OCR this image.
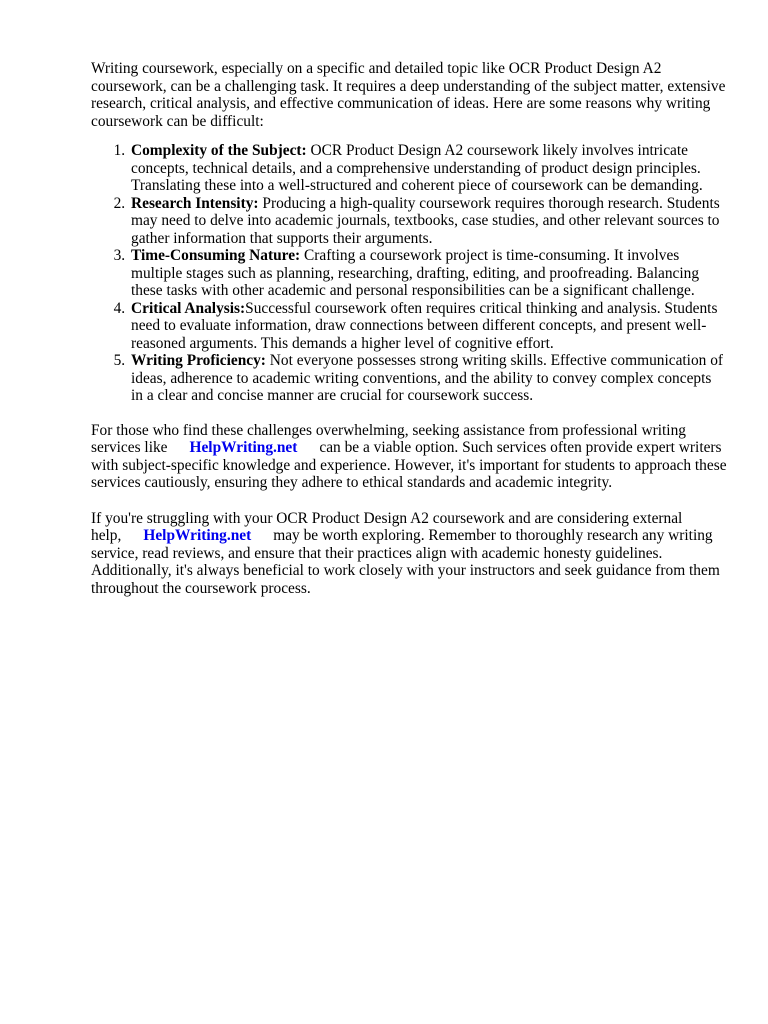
Writing coursework, especially on a specific and detailed topic like OCR Product Design A2 coursework, can be a challenging task. It requires a deep understanding of the subject matter, extensive research, critical analysis, and effective communication of ideas. Here are some reasons why writing coursework can be difficult:

1. Complexity of the Subject: OCR Product Design A2 coursework likely involves intricate concepts, technical details, and a comprehensive understanding of product design principles. Translating these into a well-structured and coherent piece of coursework can be demanding.
2. Research Intensity: Producing a high-quality coursework requires thorough research. Students may need to delve into academic journals, textbooks, case studies, and other relevant sources to gather information that supports their arguments.
3. Time-Consuming Nature: Crafting a coursework project is time-consuming. It involves multiple stages such as planning, researching, drafting, editing, and proofreading. Balancing these tasks with other academic and personal responsibilities can be a significant challenge.
4. Critical Analysis:Successful coursework often requires critical thinking and analysis. Students need to evaluate information, draw connections between different concepts, and present well-reasoned arguments. This demands a higher level of cognitive effort.
5. Writing Proficiency: Not everyone possesses strong writing skills. Effective communication of ideas, adherence to academic writing conventions, and the ability to convey complex concepts in a clear and concise manner are crucial for coursework success.

For those who find these challenges overwhelming, seeking assistance from professional writing services like HelpWriting.net can be a viable option. Such services often provide expert writers with subject-specific knowledge and experience. However, it's important for students to approach these services cautiously, ensuring they adhere to ethical standards and academic integrity.

If you're struggling with your OCR Product Design A2 coursework and are considering external help, HelpWriting.net may be worth exploring. Remember to thoroughly research any writing service, read reviews, and ensure that their practices align with academic honesty guidelines. Additionally, it's always beneficial to work closely with your instructors and seek guidance from them throughout the coursework process.
